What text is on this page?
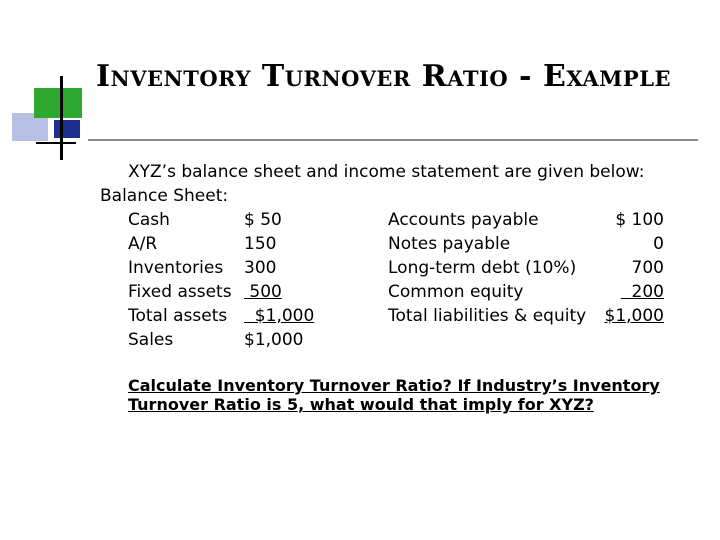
Inventory Turnover Ratio - Example
XYZ’s balance sheet and income statement are given below:
Balance Sheet:
Cash	$ 50	Accounts payable	$ 100
A/R	150	Notes payable	0
Inventories 300	Long-term debt (10%)	700
Fixed assets 500	Common equity	200
Total assets $1,000	Total liabilities & equity $1,000
Sales	$1,000
Calculate Inventory Turnover Ratio? If Industry’s Inventory Turnover Ratio is 5, what would that imply for XYZ?
